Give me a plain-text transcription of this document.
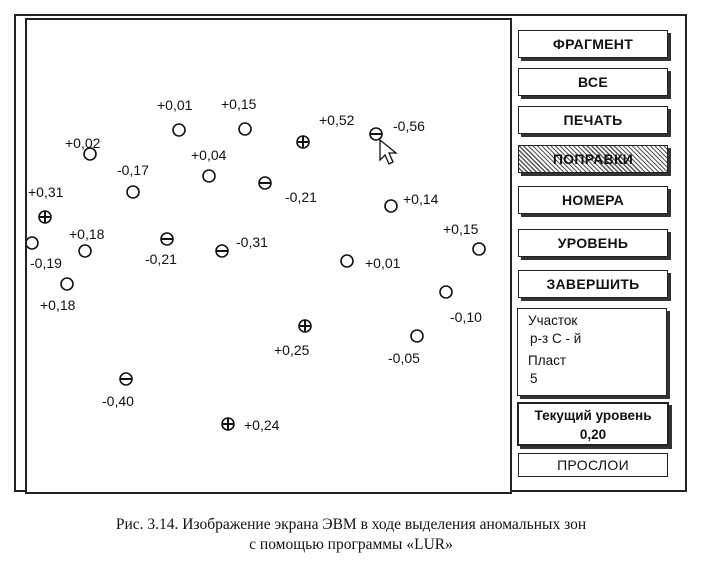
+0,02
+0,01 +0,15
+0,52	-0,56
-0,17
+0,04
-0,21	+0,14
+0,31
-0,19
+0,18
-0,21
-0,31
+0,15
+0,01
+0,18
-0,10
+0,25	-0,05
-0,40
+0,24
ФРАГМЕНТ
ВСЕ
ПЕЧАТЬ
ПОПРАВКИ
НОМЕРА
УРОВЕНЬ
ЗАВЕРШИТЬ
Участок
р-з С - й
Пласт
5
Текущий уровень
0,20
ПРОСЛОИ
Рис. 3.14. Изображение экрана ЭВМ в ходе выделения аномальных зон
с помощью программы «LUR»
